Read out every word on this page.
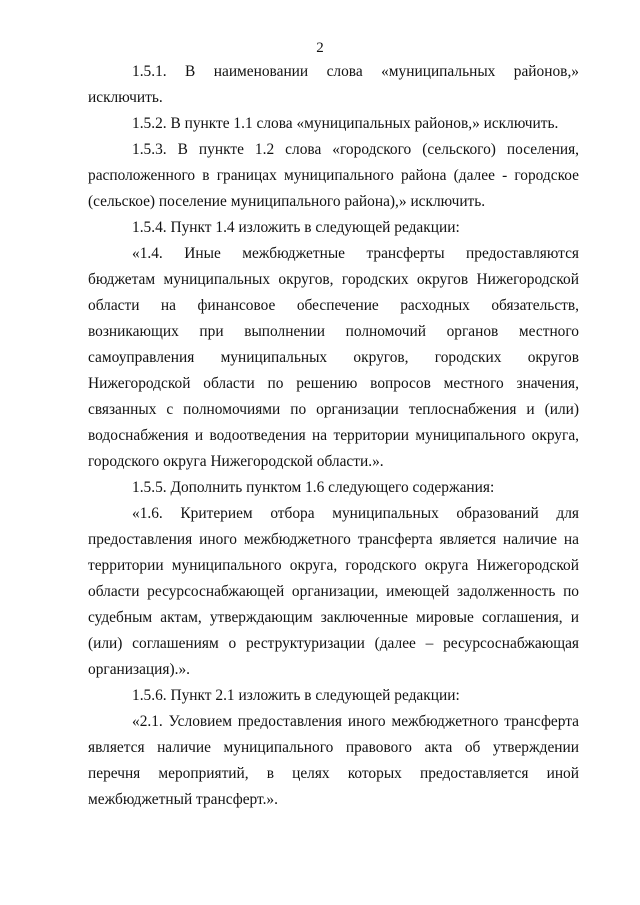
2

1.5.1. В наименовании слова «муниципальных районов,» исключить.

1.5.2. В пункте 1.1 слова «муниципальных районов,» исключить.

1.5.3. В пункте 1.2 слова «городского (сельского) поселения, расположенного в границах муниципального района (далее - городское (сельское) поселение муниципального района),» исключить.

1.5.4. Пункт 1.4 изложить в следующей редакции:

«1.4. Иные межбюджетные трансферты предоставляются бюджетам муниципальных округов, городских округов Нижегородской области на финансовое обеспечение расходных обязательств, возникающих при выполнении полномочий органов местного самоуправления муниципальных округов, городских округов Нижегородской области по решению вопросов местного значения, связанных с полномочиями по организации теплоснабжения и (или) водоснабжения и водоотведения на территории муниципального округа, городского округа Нижегородской области.».

1.5.5. Дополнить пунктом 1.6 следующего содержания:

«1.6. Критерием отбора муниципальных образований для предоставления иного межбюджетного трансферта является наличие на территории муниципального округа, городского округа Нижегородской области ресурсоснабжающей организации, имеющей задолженность по судебным актам, утверждающим заключенные мировые соглашения, и (или) соглашениям о реструктуризации (далее – ресурсоснабжающая организация).».

1.5.6. Пункт 2.1 изложить в следующей редакции:

«2.1. Условием предоставления иного межбюджетного трансферта является наличие муниципального правового акта об утверждении перечня мероприятий, в целях которых предоставляется иной межбюджетный трансферт.».
